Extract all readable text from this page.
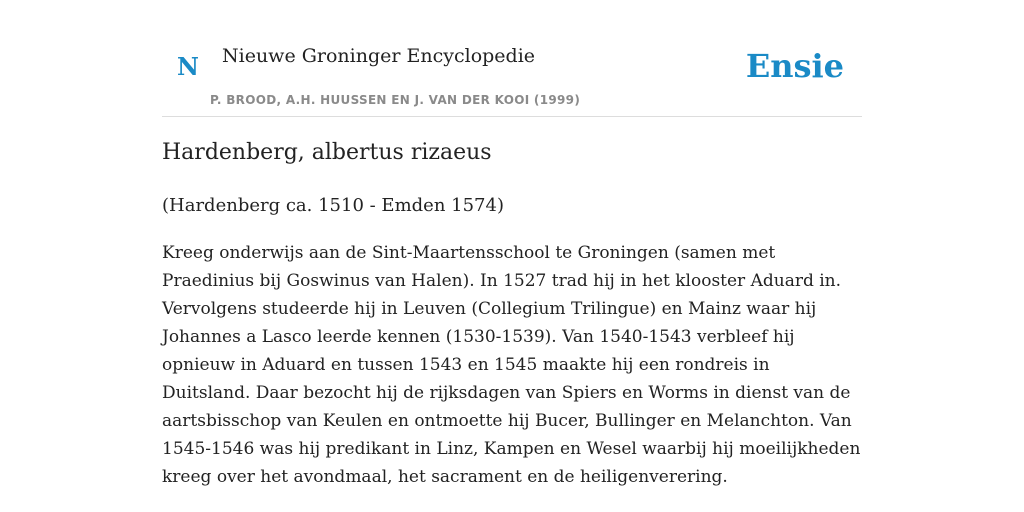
N Nieuwe Groninger Encyclopedie
P. BROOD, A.H. HUUSSEN EN J. VAN DER KOOI (1999)
Ensie
Hardenberg, albertus rizaeus

(Hardenberg ca. 1510 - Emden 1574)

Kreeg onderwijs aan de Sint-Maartensschool te Groningen (samen met Praedinius bij Goswinus van Halen). In 1527 trad hij in het klooster Aduard in. Vervolgens studeerde hij in Leuven (Collegium Trilingue) en Mainz waar hij Johannes a Lasco leerde kennen (1530-1539). Van 1540-1543 verbleef hij opnieuw in Aduard en tussen 1543 en 1545 maakte hij een rondreis in Duitsland. Daar bezocht hij de rijksdagen van Spiers en Worms in dienst van de aartsbisschop van Keulen en ontmoette hij Bucer, Bullinger en Melanchton. Van 1545-1546 was hij predikant in Linz, Kampen en Wesel waarbij hij moeilijkheden kreeg over het avondmaal, het sacrament en de heiligenverering.
